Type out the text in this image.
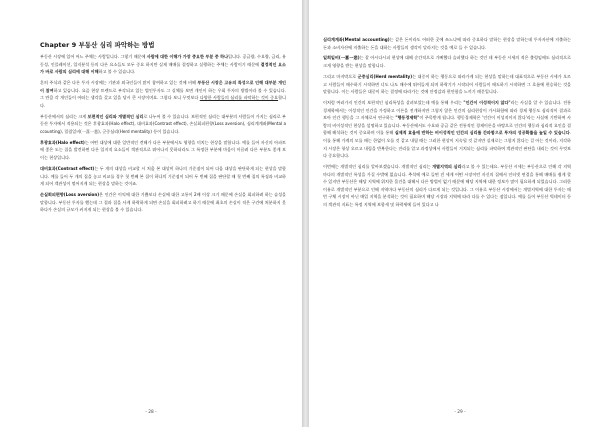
Chapter 9 부동산 심리 파악하는 방법

부동산 시장에 있어 어느 주체는 사람입니다. 그렇기 때문에 사람에 대한 이해가 가장 중요한 부분 중 하나입니다. 공급량, 수요량, 금리, 유동성, 인플레이션, 입지분석 등의 다른 요소들도 모두 중요 하지만 실제 매매를 결정하고 실행하는 주체는 사람이기 때문에 결정적인 요소가 바로 사람의 심리에 대해 이해하고 볼 수 있습니다.

흔히 주식과 같은 다른 투자 시장에는 기관과 외국인들이 많이 참여하고 있는 것에 비해 부동산 시장은 고유의 특성으로 인해 대부분 개인이 참여하고 있습니다. 요즘 현장 트렌드로 부각되고 있는 법인투자도 그 실체를 보면 개인이 하는 우회 투자의 방법이라 볼 수 있습니다. 그 만큼 각 개인들이 어떠는 생각을 갖고 있을 당시 큰 시장이며요. 그렇다 보니 무엇보다 다양한 사람들의 심리를 파악하는 것이 중요합니다.

부동산에서의 심리는 크게 보편적인 심리와 개별적인 심리로 나누어 볼 수 있습니다. 보편적인 심리는 대부분의 사람들이 가지는 심리로 부동산 투자에서 적용되는 것은 후광효과(Halo effect), 대비효과(Contrast effect), 손실회피편향(Loss aversion), 심리계계좌(Mental accounting), 밀림일비(一喜一悲), 군중심리(Herd mentality) 등이 있습니다.

후광효과(Halo effect)는 어떤 대상에 대한 일반적인 견해가 다른 부분에서도 영향을 미치는 현상을 말합니다. 예를 들어 자신의 아파트에 좋은 도는 집을 발견하면 다른 입지적 요소들이 객관적으로 뛰어나지 못하더라도 그 특정한 부분에 마음이 이끌려 다른 부분도 좋게 보이는 현상입니다.

대비효과(Contrast effect)는 두 개의 대상을 비교할 시 처음 본 대상이 하나의 기준점이 되어 다음 대상을 판단하게 되는 현상을 말합니다. 예를 들어 두 개의 집을 놓고 비교를 경우 첫 번째 본 집이 하나의 기준점이 되어 두 번째 집을 판단할 때 첫 번째 집의 특징과 비교하게 되어 객관성이 떨어지게 되는 현상을 말하는 것이죠.

손실회피편향(Loss aversion)은 인간은 이익에 대한 기쁨보다 손실에 대한 고통이 2배 이상 크기 때문에 손실을 회피하려 하는 습성을 말합니다. 부동산 투자를 했는데 그 결과 집을 사게 하락하게 되면 손실을 회피하려고 하기 때문에 최초의 손실이 적은 구간에 처분하지 못하다가 손실의 규모가 커지게 되는 현상을 볼 수 있습니다.

- 28 -

심리계계좌(Mental accounting)는 같은 돈이라도 어떠한 곳에 쓰느냐에 따라 중요하다 말하는 현상을 말하는데 투자자산에 지출하는 돈과 소비자산에 지출하는 돈을 대하는 사람들의 생각이 달라지는 것을 예로 들 수 있습니다.

일희일비(一喜一悲)는 잘 아시다시피 현상에 대해 순간적으로 기뻐했다 슬퍼했다 하는 것인 데 부동산 시세의 적은 출렁임에도 심리적으로 크게 영향을 받는 현상을 말합니다.

그리고 마지막으로 군중심리(Herd mentality)는 대중이 하는 행동으로 따라가게 되는 현상을 말하는데 대표적으로 부동산 시세가 오르고 사람들이 매수하기 시작하면 너도 나도 매수에 뛰어들게 되며 하락기가 시작되어 사람들이 매도하기 시작하면 그 흐름에 편승하는 것을 말합니다. 이는 사람들은 대중이 하는 결정에 따라가는 것에 안정감과 편안함을 느끼기 때문입니다.

이처럼 여러가지 인간의 보편적인 심리특성을 살펴보았는데 예를 통해 우리는 "인간이 이성적이지 않다"라는 사실을 알 수 있습니다. 전통경제학에서는 이성적인 인간을 가정하고 이론을 전개하지만 그렇지 않은 인간의 심리현상이 가시화함에 따라 경제 행동도 심리적이 결과로 보아 인간 행동을 그 자체로서 연구하는 "행동경제학"이 주목받게 됩니다. 행동경제학은 '인간이 이성적이지 않다'라는 사실에 기반하여 사람의 비이성적인 현상을 설명하고 있습니다. 부동산에서도 수요와 공급 같은 전통적인 경제이론을 바탕으로 인간의 행동과 심리적 요인을 결합해 해석하는 것이 중요하며 이를 통해 실제적 효율에 반하는 비이성적인 인간의 심리를 간파함으로 투자의 성공확률을 높일 수 있습니다. 이를 통해 가계의 모를 때는 한없이 오를 것 같고 내릴 때는 그러한 현상이 지속될 것 같지만 실제로는 그렇지 않다는 걸 아는 것이라, 지각하지 시장은 항상 오르고 내림을 반복한다는 진리를 알고 과정상에서 사람들이 거치되는 심리를 파악하여 객관적인 판단을 내리는 것이 무엇보다 중요합니다.

이번에는 개별적인 심리를 알아보겠습니다. 개별적인 심리는 개별지역의 심리라고 볼 수 있는데요. 부동산 시세는 부동산으로 인해 각 지역 마다의 개별적인 특성을 가질 수밖에 없습니다. 추석에 예로 들면 건 세게 어떤 시장이던 자신의 집에서 인터넷 연결을 통해 매매를 쉽게 할 수 있지만 부동산은 해당 지역에 위치한 물건을 대해서 다른 방법이 없기 때문에 해당 지역에 대한 정보가 많이 필요하게 되었습니다. 그러한 이유로 개별적인 부분으로 인해 지역마다 부동산의 심리가 다르게 되는 것입니다. 그 이유로 부동산 시장에서는 개별지역에 대한 투자는 매번 구체 시장이 아닌 매입 지역을 분석하는 것이 필요하며 해당 시장과 지역에 따라 다를 수 있다는 점입니다. 예를 들어 부동산 빅데이터 등의 객관적 지표는 특정 지역에 보합세 및 하락세에 들어 있다고 나

- 29 -
